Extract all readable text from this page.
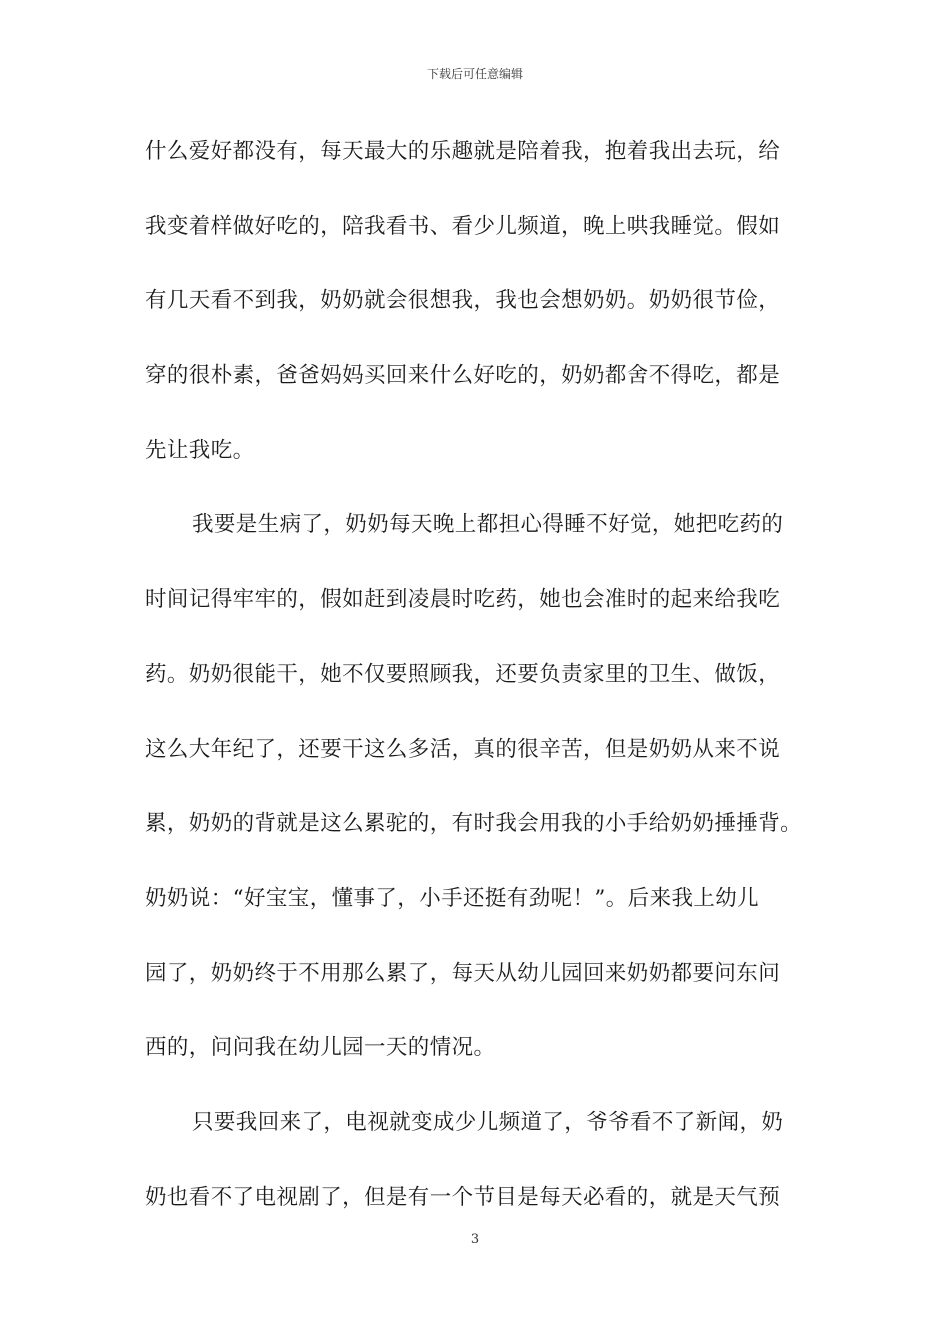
下载后可任意编辑
什么爱好都没有，每天最大的乐趣就是陪着我，抱着我出去玩，给
我变着样做好吃的，陪我看书、看少儿频道，晚上哄我睡觉。假如
有几天看不到我，奶奶就会很想我，我也会想奶奶。奶奶很节俭，
穿的很朴素，爸爸妈妈买回来什么好吃的，奶奶都舍不得吃，都是
先让我吃。
我要是生病了，奶奶每天晚上都担心得睡不好觉，她把吃药的
时间记得牢牢的，假如赶到凌晨时吃药，她也会准时的起来给我吃
药。奶奶很能干，她不仅要照顾我，还要负责家里的卫生、做饭，
这么大年纪了，还要干这么多活，真的很辛苦，但是奶奶从来不说
累，奶奶的背就是这么累驼的，有时我会用我的小手给奶奶捶捶背。
奶奶说：“好宝宝，懂事了，小手还挺有劲呢！”。后来我上幼儿
园了，奶奶终于不用那么累了，每天从幼儿园回来奶奶都要问东问
西的，问问我在幼儿园一天的情况。
只要我回来了，电视就变成少儿频道了，爷爷看不了新闻，奶
奶也看不了电视剧了，但是有一个节目是每天必看的，就是天气预
3
